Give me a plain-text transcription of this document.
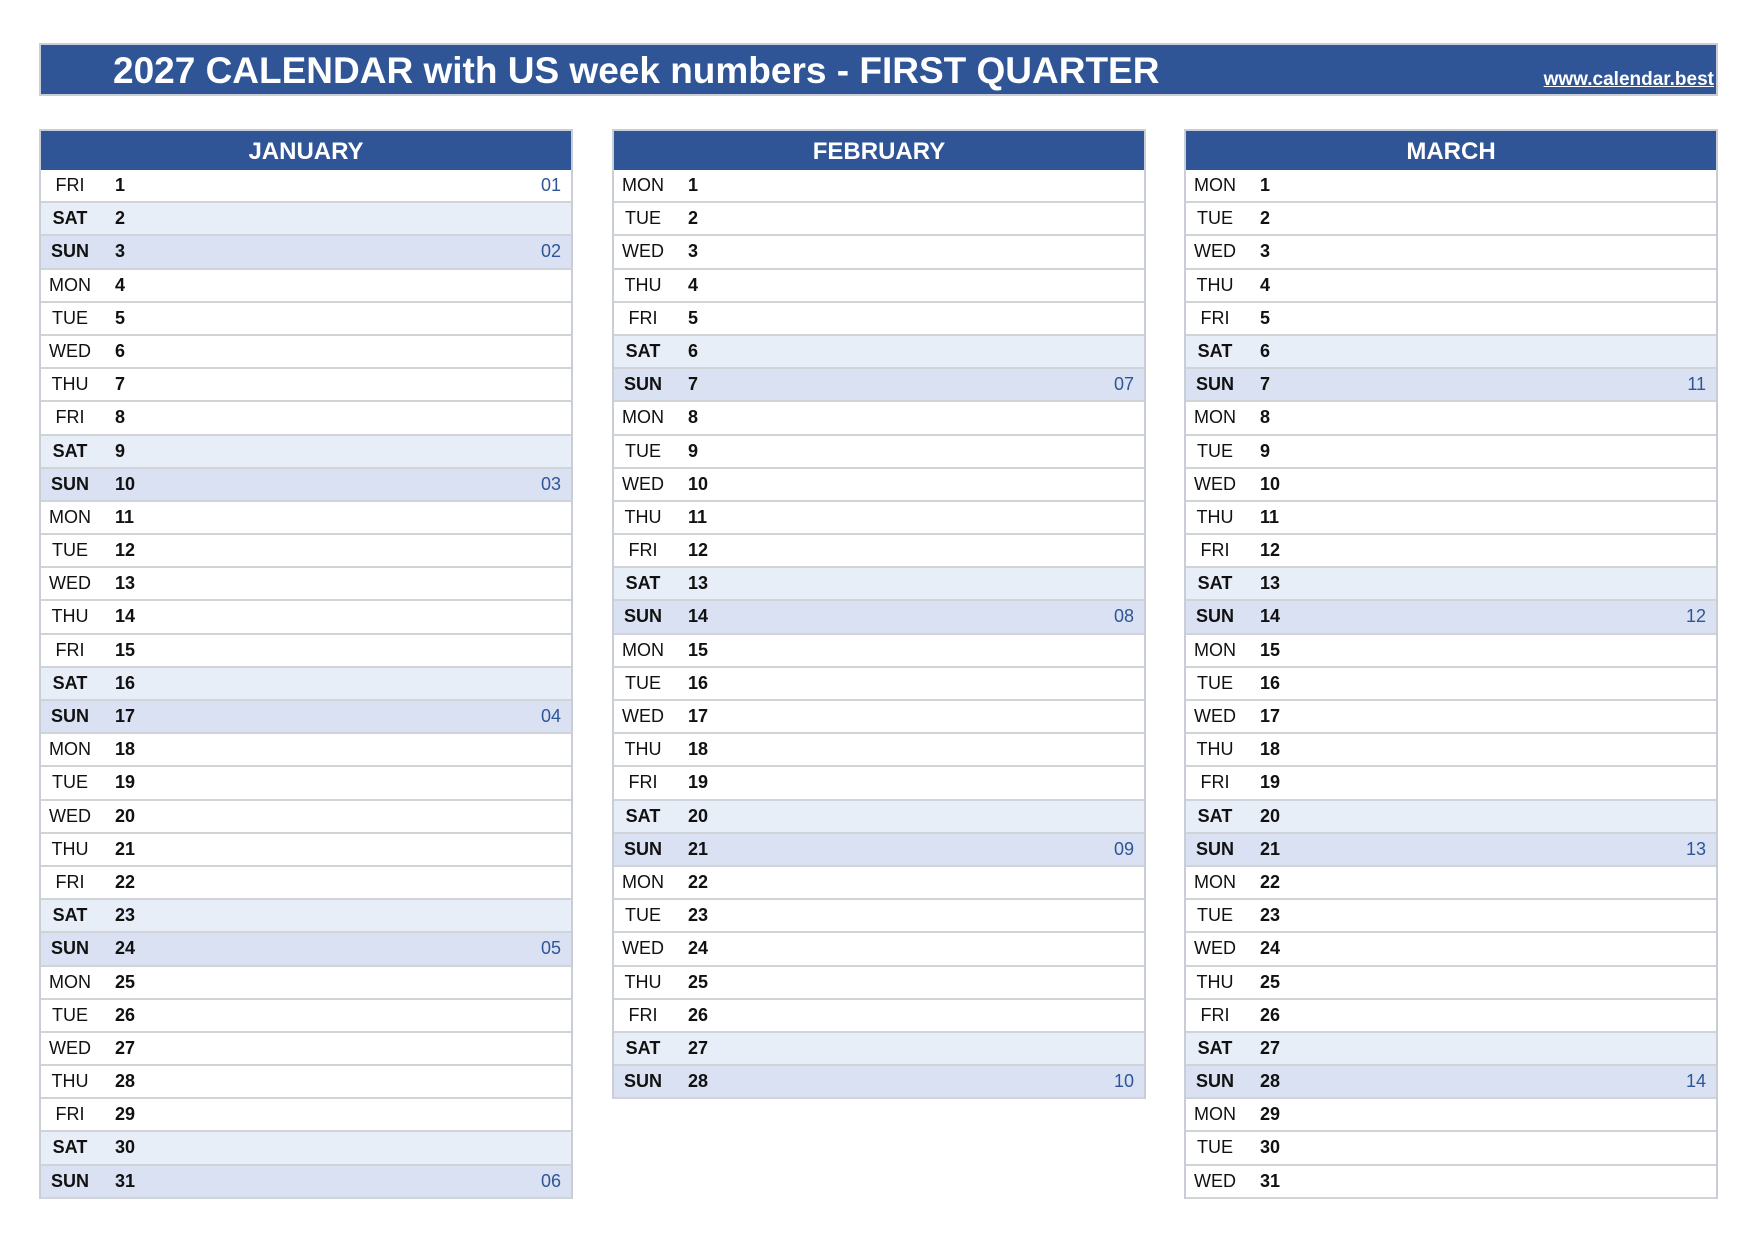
2027 CALENDAR with US week numbers - FIRST QUARTER	www.calendar.best
JANUARY
FRI	1	01
SAT	2
SUN	3	02
MON	4
TUE	5
WED	6
THU	7
FRI	8
SAT	9
SUN	10	03
MON	11
TUE	12
WED	13
THU	14
FRI	15
SAT	16
SUN	17	04
MON	18
TUE	19
WED	20
THU	21
FRI	22
SAT	23
SUN	24	05
MON	25
TUE	26
WED	27
THU	28
FRI	29
SAT	30
SUN	31	06
FEBRUARY
MON	1
TUE	2
WED	3
THU	4
FRI	5
SAT	6
SUN	7	07
MON	8
TUE	9
WED	10
THU	11
FRI	12
SAT	13
SUN	14	08
MON	15
TUE	16
WED	17
THU	18
FRI	19
SAT	20
SUN	21	09
MON	22
TUE	23
WED	24
THU	25
FRI	26
SAT	27
SUN	28	10
MARCH
MON	1
TUE	2
WED	3
THU	4
FRI	5
SAT	6
SUN	7	11
MON	8
TUE	9
WED	10
THU	11
FRI	12
SAT	13
SUN	14	12
MON	15
TUE	16
WED	17
THU	18
FRI	19
SAT	20
SUN	21	13
MON	22
TUE	23
WED	24
THU	25
FRI	26
SAT	27
SUN	28	14
MON	29
TUE	30
WED	31
